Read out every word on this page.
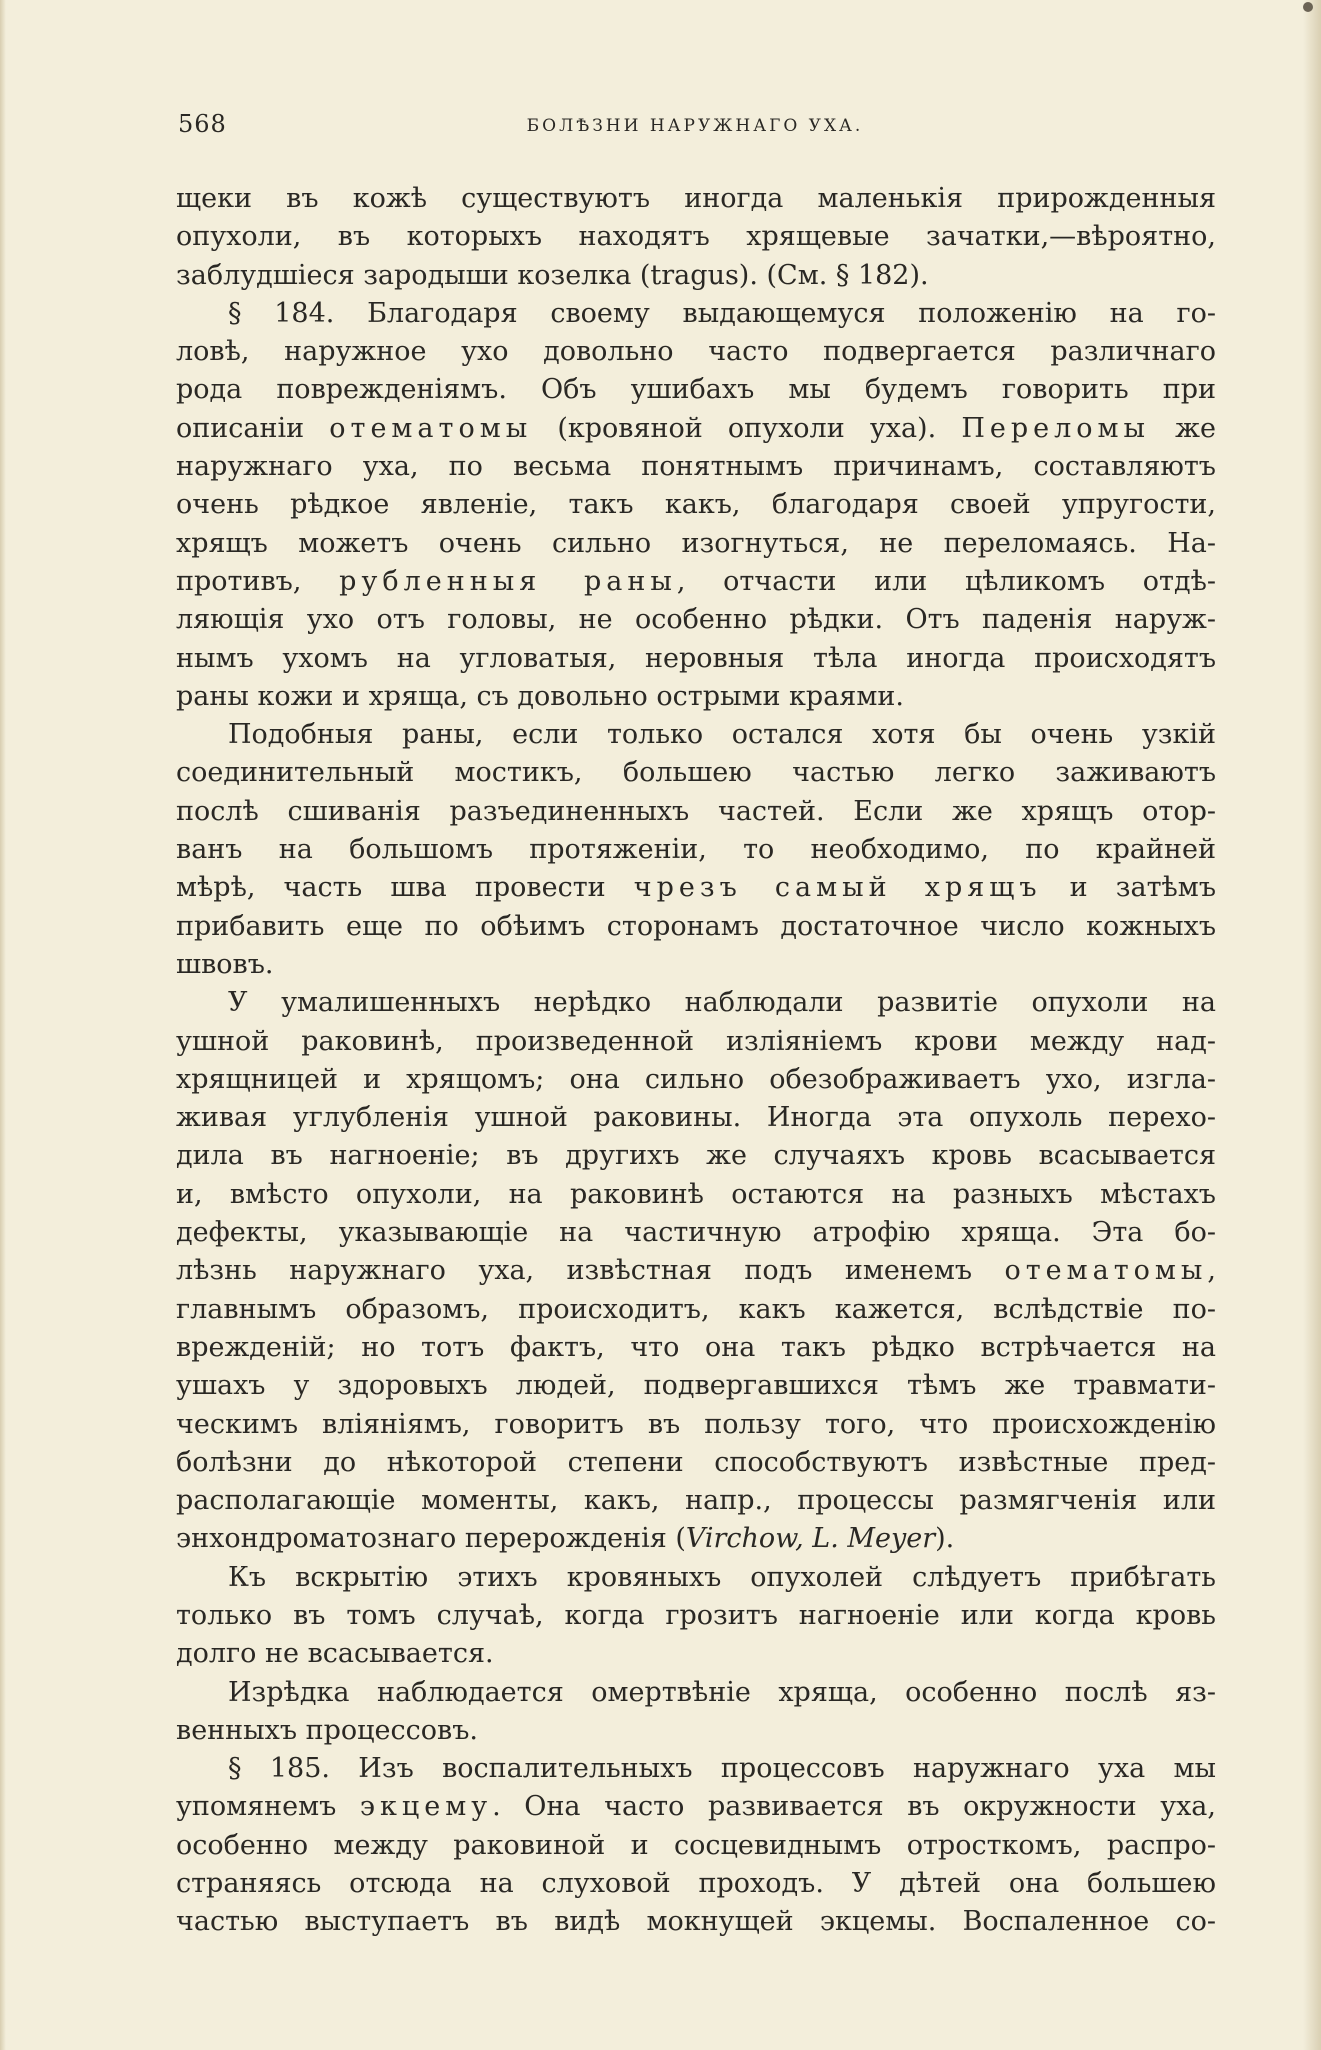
568	БОЛѢЗНИ НАРУЖНАГО УХА.
щеки въ кожѣ существуютъ иногда маленькія прирожденныя
опухоли, въ которыхъ находятъ хрящевые зачатки,—вѣроятно,
заблудшіеся зародыши козелка (tragus). (См. § 182).
§ 184. Благодаря своему выдающемуся положенію на го-
ловѣ, наружное ухо довольно часто подвергается различнаго
рода поврежденіямъ. Объ ушибахъ мы будемъ говорить при
описаніи отематомы (кровяной опухоли уха). Переломы же
наружнаго уха, по весьма понятнымъ причинамъ, составляютъ
очень рѣдкое явленіе, такъ какъ, благодаря своей упругости,
хрящъ можетъ очень сильно изогнуться, не переломаясь. На-
противъ, рубленныя раны, отчасти или цѣликомъ отдѣ-
ляющія ухо отъ головы, не особенно рѣдки. Отъ паденія наруж-
нымъ ухомъ на угловатыя, неровныя тѣла иногда происходятъ
раны кожи и хряща, съ довольно острыми краями.
Подобныя раны, если только остался хотя бы очень узкій
соединительный мостикъ, большею частью легко заживаютъ
послѣ сшиванія разъединенныхъ частей. Если же хрящъ отор-
ванъ на большомъ протяженіи, то необходимо, по крайней
мѣрѣ, часть шва провести чрезъ самый хрящъ и затѣмъ
прибавить еще по обѣимъ сторонамъ достаточное число кожныхъ
швовъ.
У умалишенныхъ нерѣдко наблюдали развитіе опухоли на
ушной раковинѣ, произведенной изліяніемъ крови между над-
хрящницей и хрящомъ; она сильно обезображиваетъ ухо, изгла-
живая углубленія ушной раковины. Иногда эта опухоль перехо-
дила въ нагноеніе; въ другихъ же случаяхъ кровь всасывается
и, вмѣсто опухоли, на раковинѣ остаются на разныхъ мѣстахъ
дефекты, указывающіе на частичную атрофію хряща. Эта бо-
лѣзнь наружнаго уха, извѣстная подъ именемъ отематомы,
главнымъ образомъ, происходитъ, какъ кажется, вслѣдствіе по-
врежденій; но тотъ фактъ, что она такъ рѣдко встрѣчается на
ушахъ у здоровыхъ людей, подвергавшихся тѣмъ же травмати-
ческимъ вліяніямъ, говоритъ въ пользу того, что происхожденію
болѣзни до нѣкоторой степени способствуютъ извѣстные пред-
располагающіе моменты, какъ, напр., процессы размягченія или
энхондроматознаго перерожденія (Virchow, L. Meyer).
Къ вскрытію этихъ кровяныхъ опухолей слѣдуетъ прибѣгать
только въ томъ случаѣ, когда грозитъ нагноеніе или когда кровь
долго не всасывается.
Изрѣдка наблюдается омертвѣніе хряща, особенно послѣ яз-
венныхъ процессовъ.
§ 185. Изъ воспалительныхъ процессовъ наружнаго уха мы
упомянемъ экцему. Она часто развивается въ окружности уха,
особенно между раковиной и сосцевиднымъ отросткомъ, распро-
страняясь отсюда на слуховой проходъ. У дѣтей она большею
частью выступаетъ въ видѣ мокнущей экцемы. Воспаленное со-
